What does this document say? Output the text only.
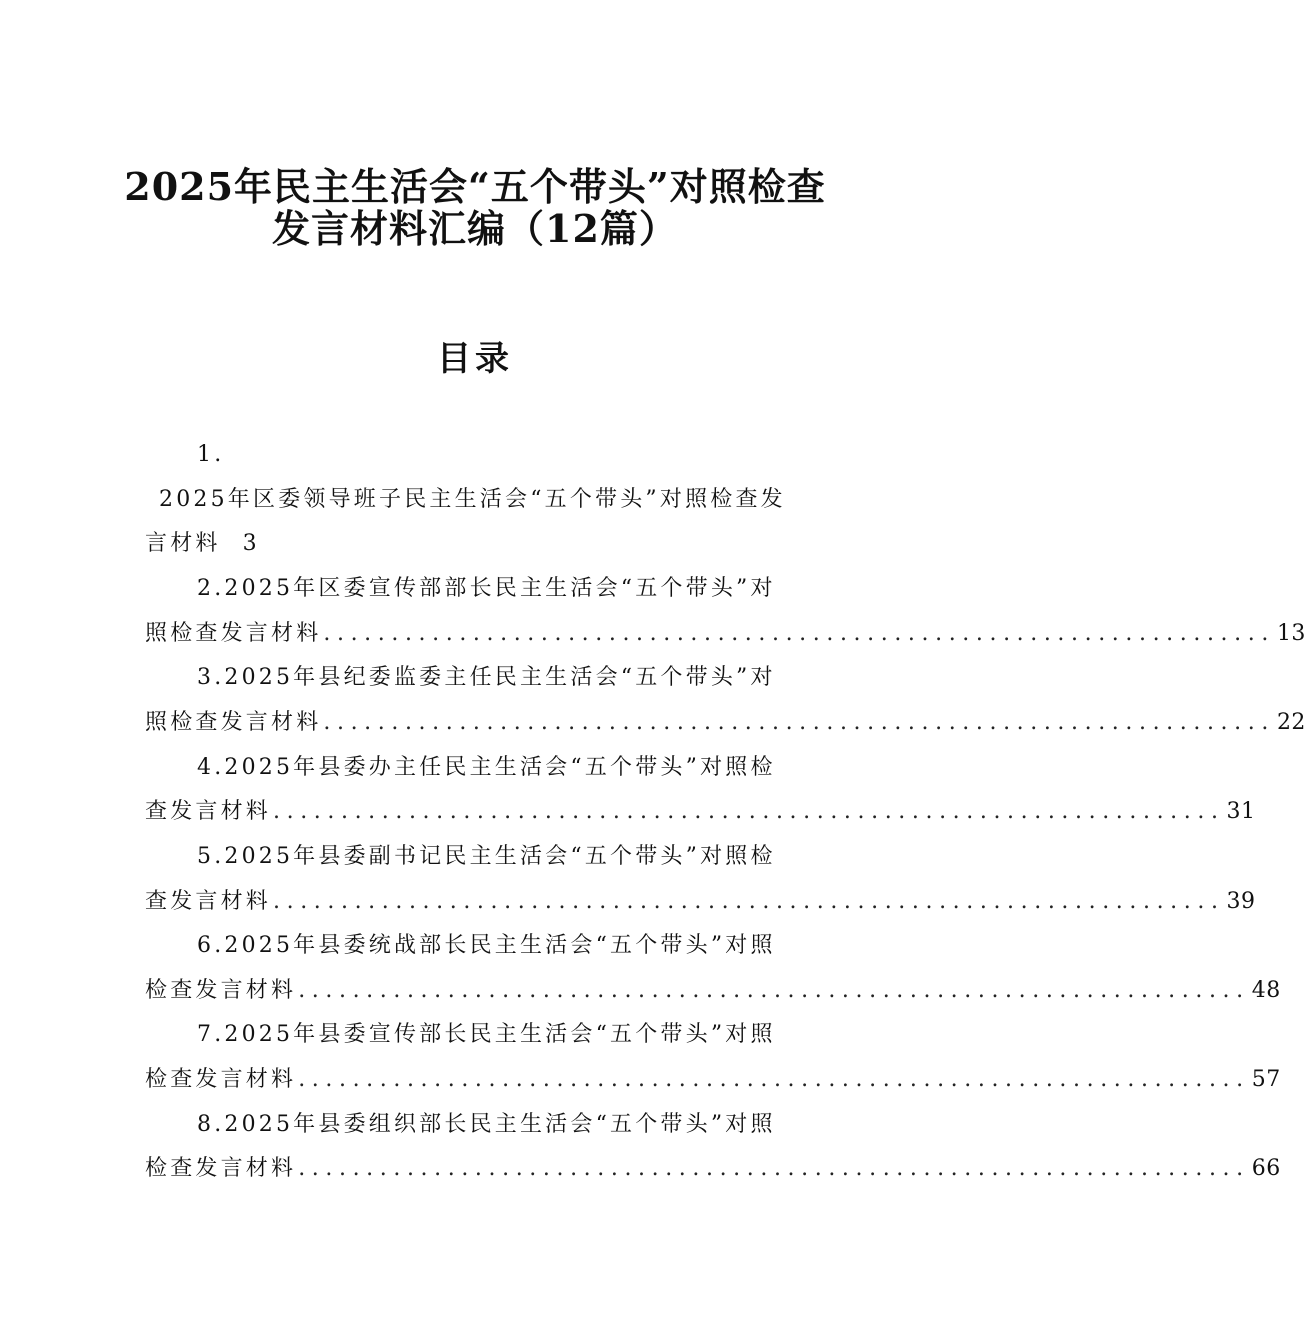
2025年民主生活会“五个带头”对照检查
发言材料汇编（12篇）
目录
1.
2025年区委领导班子民主生活会“五个带头”对照检查发
言材料 3
2.2025年区委宣传部部长民主生活会“五个带头”对
照检查发言材料 ...................................................................... 13
3.2025年县纪委监委主任民主生活会“五个带头”对
照检查发言材料 ...................................................................... 22
4.2025年县委办主任民主生活会“五个带头”对照检
查发言材料 ...................................................................... 31
5.2025年县委副书记民主生活会“五个带头”对照检
查发言材料 ...................................................................... 39
6.2025年县委统战部长民主生活会“五个带头”对照
检查发言材料 ...................................................................... 48
7.2025年县委宣传部长民主生活会“五个带头”对照
检查发言材料 ...................................................................... 57
8.2025年县委组织部长民主生活会“五个带头”对照
检查发言材料 ...................................................................... 66
